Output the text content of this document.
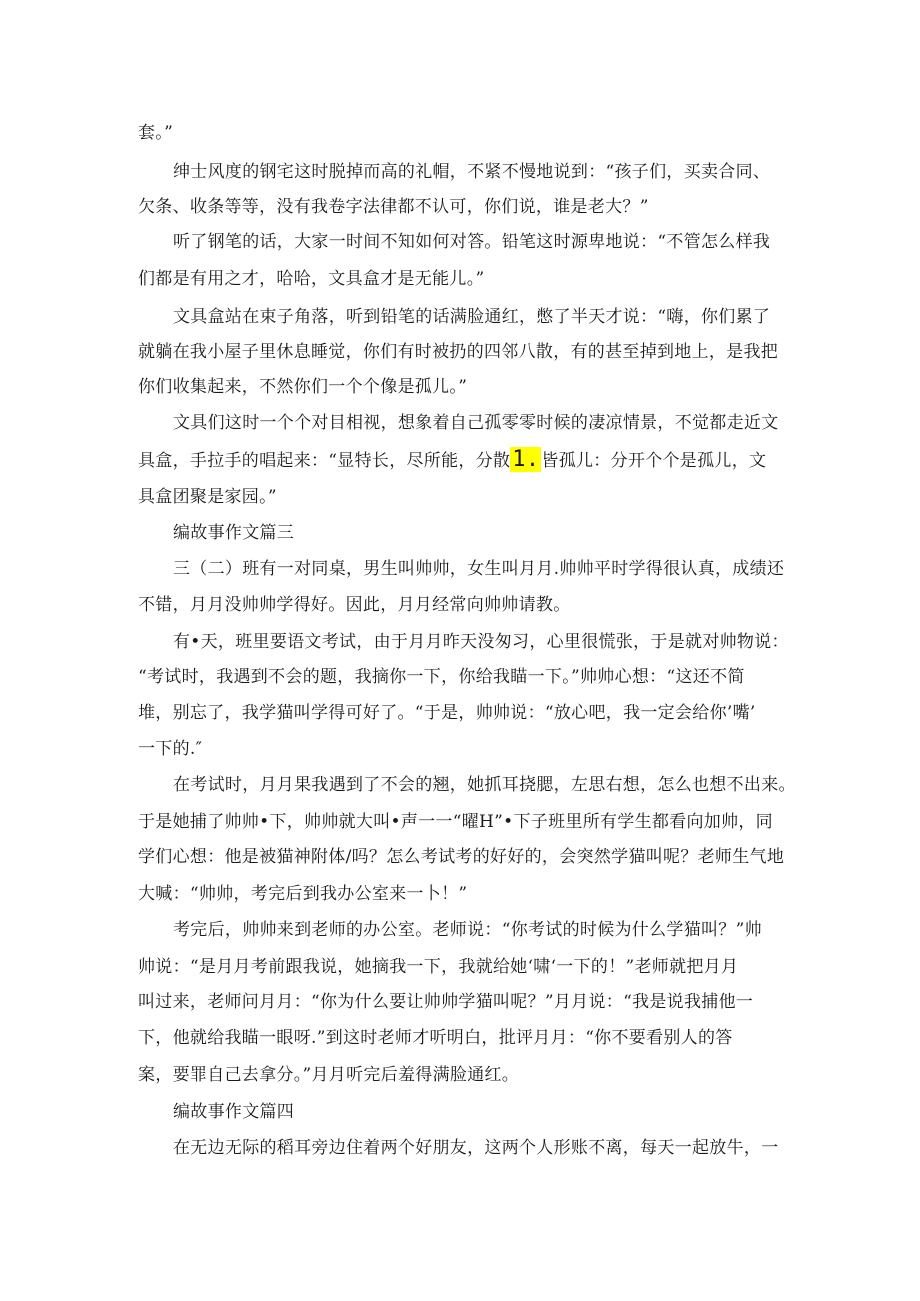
套。”
绅士风度的钢宅这时脱掉而高的礼帽，不紧不慢地说到：“孩子们，买卖合同、
欠条、收条等等，没有我卷字法律都不认可，你们说，谁是老大？”
听了钢笔的话，大家一时间不知如何对答。铅笔这时源卑地说：“不管怎么样我
们都是有用之才，哈哈，文具盒才是无能儿。”
文具盒站在束子角落，听到铅笔的话满脸通红，憋了半天才说：“嗨，你们累了
就躺在我小屋子里休息睡觉，你们有时被扔的四邻八散，有的甚至掉到地上，是我把
你们收集起来，不然你们一个个像是孤儿。”
文具们这时一个个对目相视，想象着自己孤零零时候的凄凉情景，不觉都走近文
具盒，手拉手的唱起来：“显特长，尽所能，分散1. 皆孤儿：分开个个是孤儿，文
具盒团聚是家园。”
编故事作文篇三
三（二）班有一对同桌，男生叫帅帅，女生叫月月.帅帅平时学得很认真，成绩还
不错，月月没帅帅学得好。因此，月月经常向帅帅请教。
有•天，班里要语文考试，由于月月昨天没匆习，心里很慌张，于是就对帅物说：
“考试时，我遇到不会的题，我摘你一下，你给我瞄一下。”帅帅心想：“这还不简
堆，别忘了，我学猫叫学得可好了。“于是，帅帅说：“放心吧，我一定会给你’嘴’
一下的.″
在考试时，月月果我遇到了不会的翘，她抓耳挠腮，左思右想，怎么也想不出来。
于是她捕了帅帅•下，帅帅就大叫•声一一“曜H”•下子班里所有学生都看向加帅，同
学们心想：他是被猫神附体/吗？怎么考试考的好好的，会突然学猫叫呢？老师生气地
大喊：“帅帅，考完后到我办公室来一卜！”
考完后，帅帅来到老师的办公室。老师说：“你考试的时候为什么学猫叫？”帅
帅说：“是月月考前跟我说，她摘我一下，我就给她‘啸‘一下的！”老师就把月月
叫过来，老师问月月：“你为什么要让帅帅学猫叫呢？”月月说：“我是说我捕他一
下，他就给我瞄一眼呀.”到这时老师才听明白，批评月月：“你不要看别人的答
案，要罪自己去拿分。”月月听完后羞得满脸通红。
编故事作文篇四
在无边无际的稻耳旁边住着两个好朋友，这两个人形账不离，每天一起放牛，一
